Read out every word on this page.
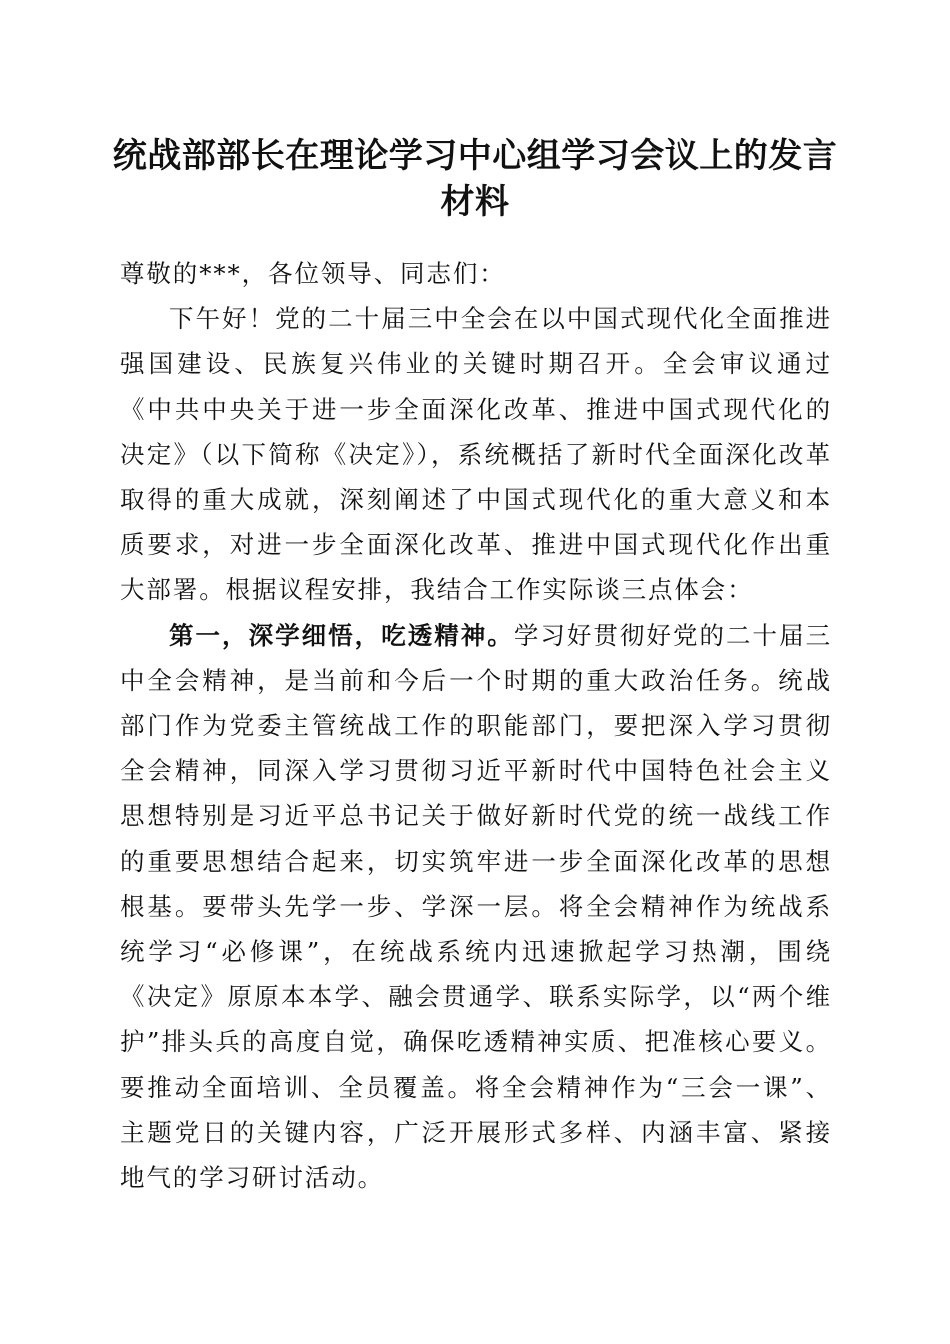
统战部部长在理论学习中心组学习会议上的发言材料

尊敬的***，各位领导、同志们：

下午好！党的二十届三中全会在以中国式现代化全面推进强国建设、民族复兴伟业的关键时期召开。全会审议通过《中共中央关于进一步全面深化改革、推进中国式现代化的决定》（以下简称《决定》），系统概括了新时代全面深化改革取得的重大成就，深刻阐述了中国式现代化的重大意义和本质要求，对进一步全面深化改革、推进中国式现代化作出重大部署。根据议程安排，我结合工作实际谈三点体会：

第一，深学细悟，吃透精神。学习好贯彻好党的二十届三中全会精神，是当前和今后一个时期的重大政治任务。统战部门作为党委主管统战工作的职能部门，要把深入学习贯彻全会精神，同深入学习贯彻习近平新时代中国特色社会主义思想特别是习近平总书记关于做好新时代党的统一战线工作的重要思想结合起来，切实筑牢进一步全面深化改革的思想根基。要带头先学一步、学深一层。将全会精神作为统战系统学习“必修课”，在统战系统内迅速掀起学习热潮，围绕《决定》原原本本学、融会贯通学、联系实际学，以“两个维护”排头兵的高度自觉，确保吃透精神实质、把准核心要义。要推动全面培训、全员覆盖。将全会精神作为“三会一课”、主题党日的关键内容，广泛开展形式多样、内涵丰富、紧接地气的学习研讨活动。
